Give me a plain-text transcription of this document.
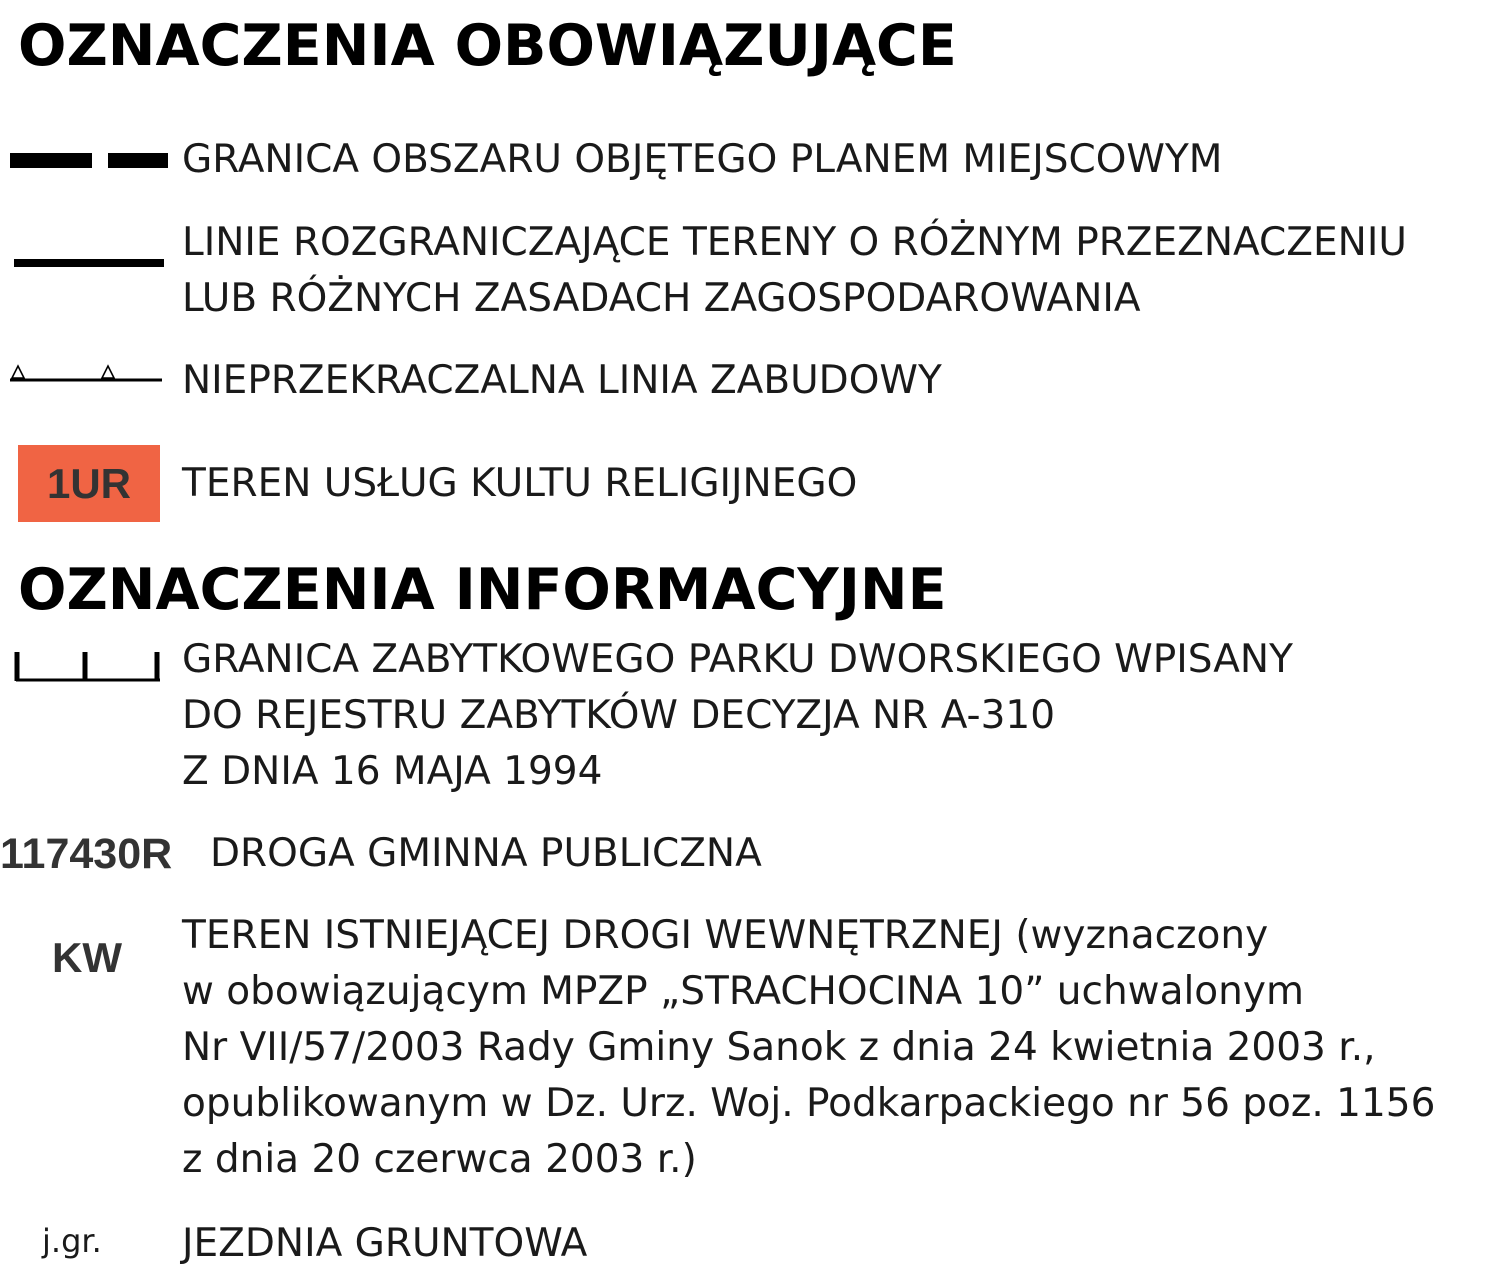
OZNACZENIA OBOWIĄZUJĄCE
GRANICA OBSZARU OBJĘTEGO PLANEM MIEJSCOWYM
LINIE ROZGRANICZAJĄCE TERENY O RÓŻNYM PRZEZNACZENIU
LUB RÓŻNYCH ZASADACH ZAGOSPODAROWANIA
NIEPRZEKRACZALNA LINIA ZABUDOWY
1UR	TEREN USŁUG KULTU RELIGIJNEGO
OZNACZENIA INFORMACYJNE
GRANICA ZABYTKOWEGO PARKU DWORSKIEGO WPISANY
DO REJESTRU ZABYTKÓW DECYZJA NR A-310
Z DNIA 16 MAJA 1994
117430R DROGA GMINNA PUBLICZNA
KW TEREN ISTNIEJĄCEJ DROGI WEWNĘTRZNEJ (wyznaczony
w obowiązującym MPZP „STRACHOCINA 10” uchwalonym
Nr VII/57/2003 Rady Gminy Sanok z dnia 24 kwietnia 2003 r.,
opublikowanym w Dz. Urz. Woj. Podkarpackiego nr 56 poz. 1156
z dnia 20 czerwca 2003 r.)
j.gr. JEZDNIA GRUNTOWA
